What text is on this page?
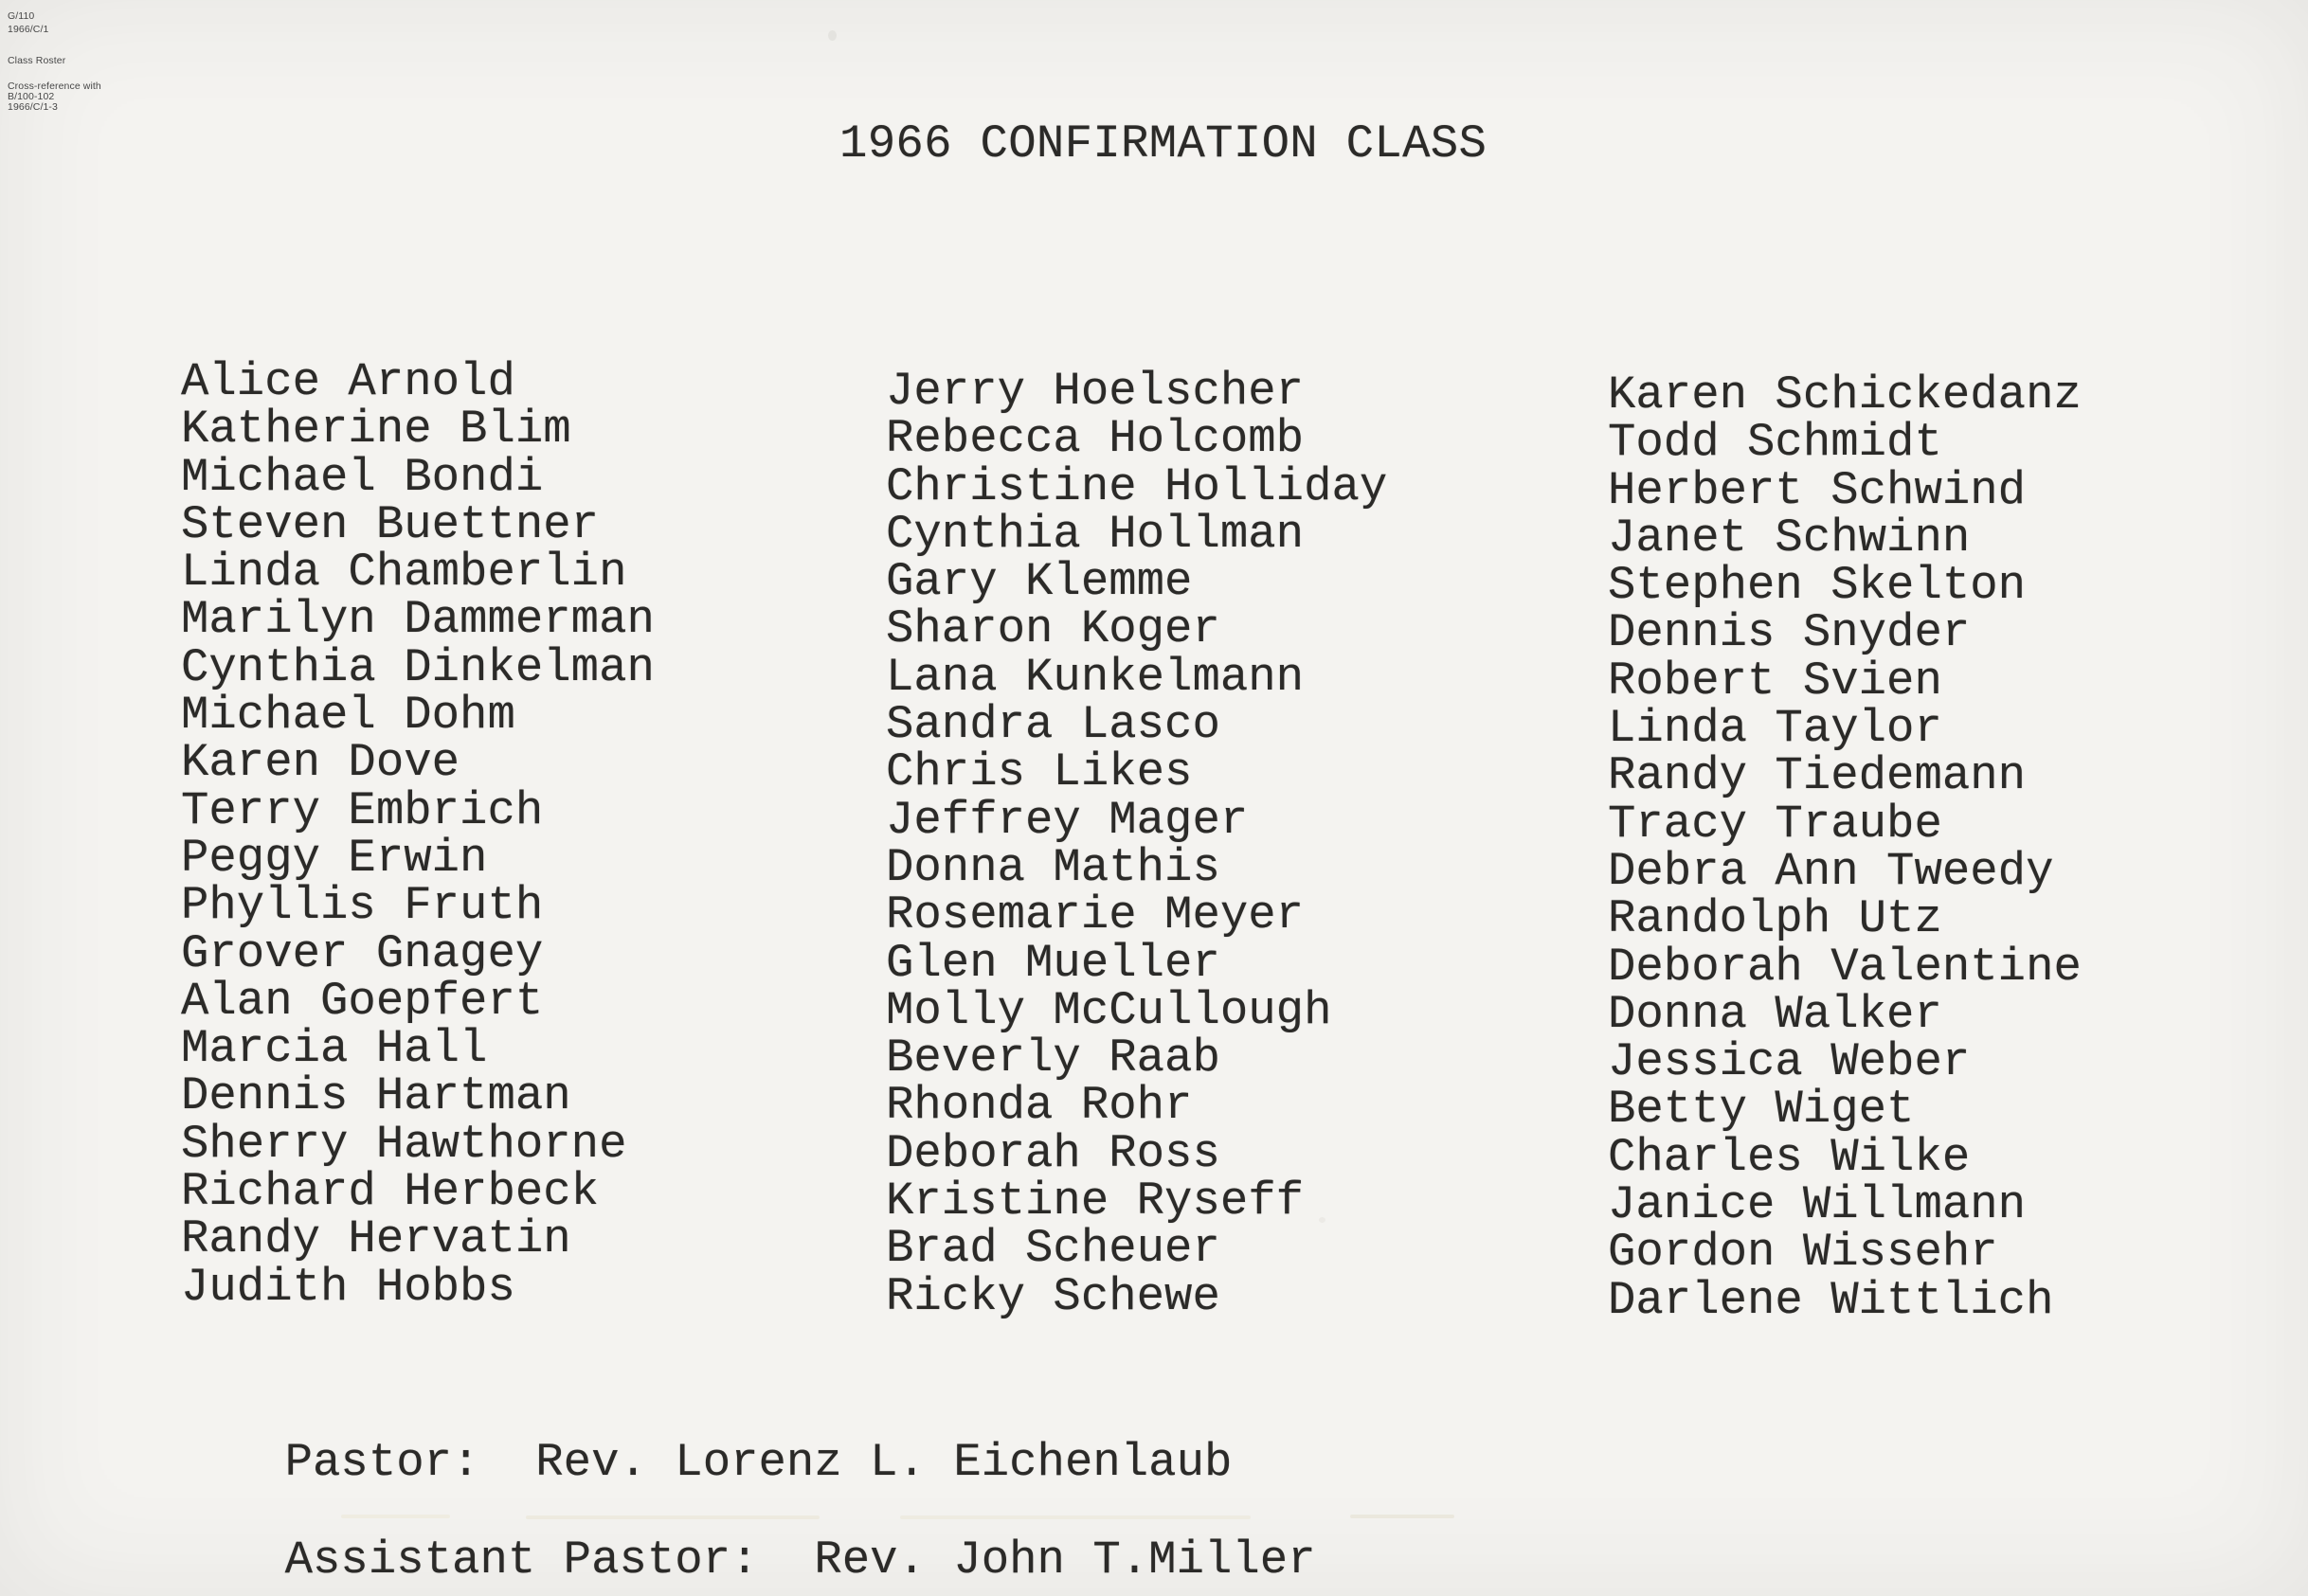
G/110
1966/C/1
Class Roster
Cross-reference with
B/100-102
1966/C/1-3
1966 CONFIRMATION CLASS
Alice Arnold
Katherine Blim
Michael Bondi
Steven Buettner
Linda Chamberlin
Marilyn Dammerman
Cynthia Dinkelman
Michael Dohm
Karen Dove
Terry Embrich
Peggy Erwin
Phyllis Fruth
Grover Gnagey
Alan Goepfert
Marcia Hall
Dennis Hartman
Sherry Hawthorne
Richard Herbeck
Randy Hervatin
Judith Hobbs
Jerry Hoelscher
Rebecca Holcomb
Christine Holliday
Cynthia Hollman
Gary Klemme
Sharon Koger
Lana Kunkelmann
Sandra Lasco
Chris Likes
Jeffrey Mager
Donna Mathis
Rosemarie Meyer
Glen Mueller
Molly McCullough
Beverly Raab
Rhonda Rohr
Deborah Ross
Kristine Ryseff
Brad Scheuer
Ricky Schewe
Karen Schickedanz
Todd Schmidt
Herbert Schwind
Janet Schwinn
Stephen Skelton
Dennis Snyder
Robert Svien
Linda Taylor
Randy Tiedemann
Tracy Traube
Debra Ann Tweedy
Randolph Utz
Deborah Valentine
Donna Walker
Jessica Weber
Betty Wiget
Charles Wilke
Janice Willmann
Gordon Wissehr
Darlene Wittlich

Pastor: Rev. Lorenz L. Eichenlaub

Assistant Pastor: Rev. John T.Miller
